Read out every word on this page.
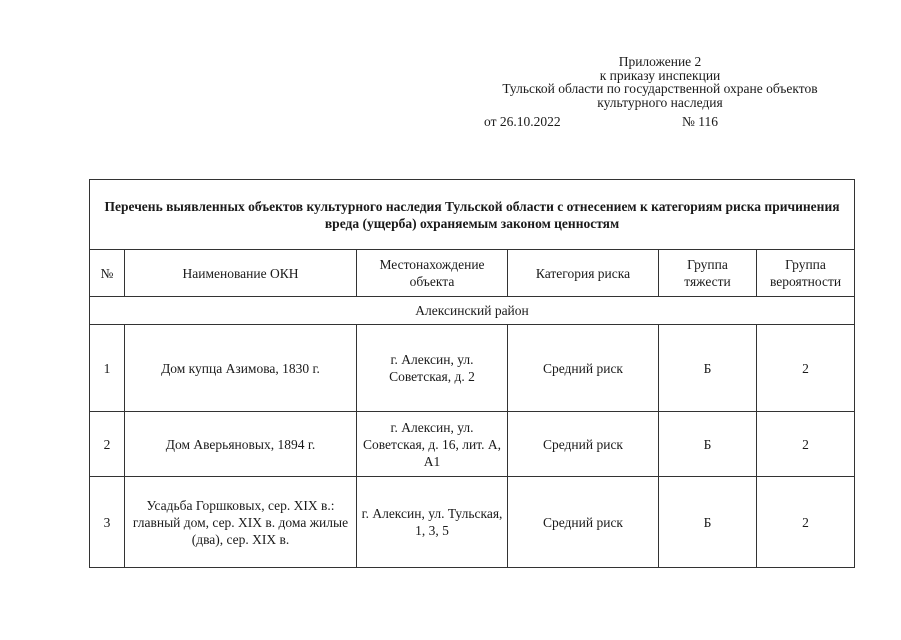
Приложение 2
к приказу инспекции
Тульской области по государственной охране объектов
культурного наследия
от 26.10.2022	№ 116
Перечень выявленных объектов культурного наследия Тульской области с отнесением к категориям риска причинения вреда (ущерба) охраняемым законом ценностям					
№	Наименование ОКН	Местонахождение объекта	Категория риска	Группа тяжести	Группа вероятности
Алексинский район					
1	Дом купца Азимова, 1830 г.	г. Алексин, ул. Советская, д. 2	Средний риск	Б	2
2	Дом Аверьяновых, 1894 г.	г. Алексин, ул. Советская, д. 16, лит. А, А1	Средний риск	Б	2
3	Усадьба Горшковых, сер. XIX в.: главный дом, сер. XIX в. дома жилые (два), сер. XIX в.	г. Алексин, ул. Тульская, 1, 3, 5	Средний риск	Б	2
